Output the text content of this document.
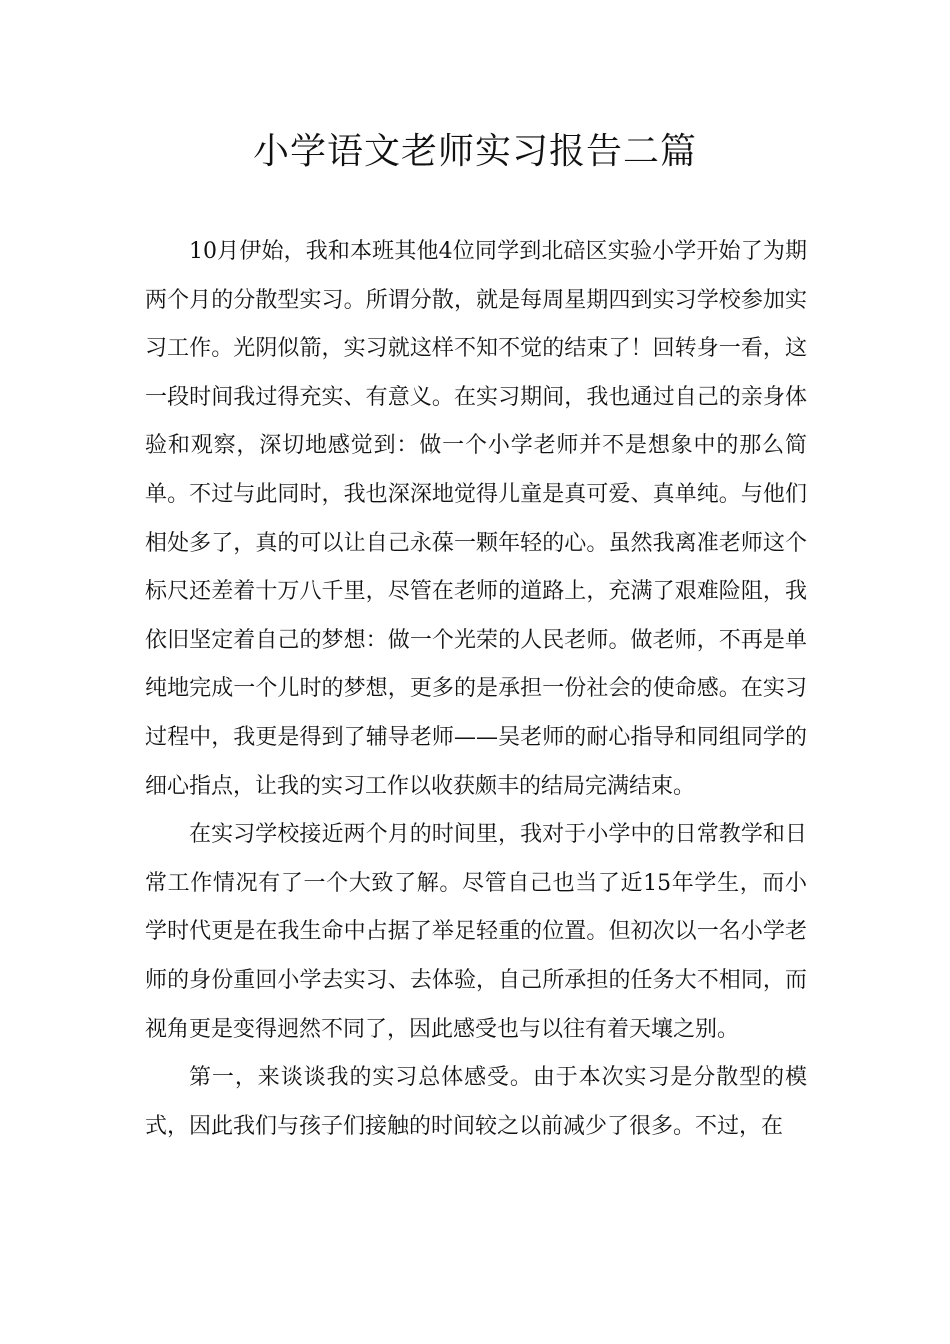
小学语文老师实习报告二篇

10月伊始，我和本班其他4位同学到北碚区实验小学开始了为期两个月的分散型实习。所谓分散，就是每周星期四到实习学校参加实习工作。光阴似箭，实习就这样不知不觉的结束了！回转身一看，这一段时间我过得充实、有意义。在实习期间，我也通过自己的亲身体验和观察，深切地感觉到：做一个小学老师并不是想象中的那么简单。不过与此同时，我也深深地觉得儿童是真可爱、真单纯。与他们相处多了，真的可以让自己永葆一颗年轻的心。虽然我离准老师这个标尺还差着十万八千里，尽管在老师的道路上，充满了艰难险阻，我依旧坚定着自己的梦想：做一个光荣的人民老师。做老师，不再是单纯地完成一个儿时的梦想，更多的是承担一份社会的使命感。在实习过程中，我更是得到了辅导老师——吴老师的耐心指导和同组同学的细心指点，让我的实习工作以收获颇丰的结局完满结束。

在实习学校接近两个月的时间里，我对于小学中的日常教学和日常工作情况有了一个大致了解。尽管自己也当了近15年学生，而小学时代更是在我生命中占据了举足轻重的位置。但初次以一名小学老师的身份重回小学去实习、去体验，自己所承担的任务大不相同，而视角更是变得迥然不同了，因此感受也与以往有着天壤之别。

第一，来谈谈我的实习总体感受。由于本次实习是分散型的模式，因此我们与孩子们接触的时间较之以前减少了很多。不过，在
